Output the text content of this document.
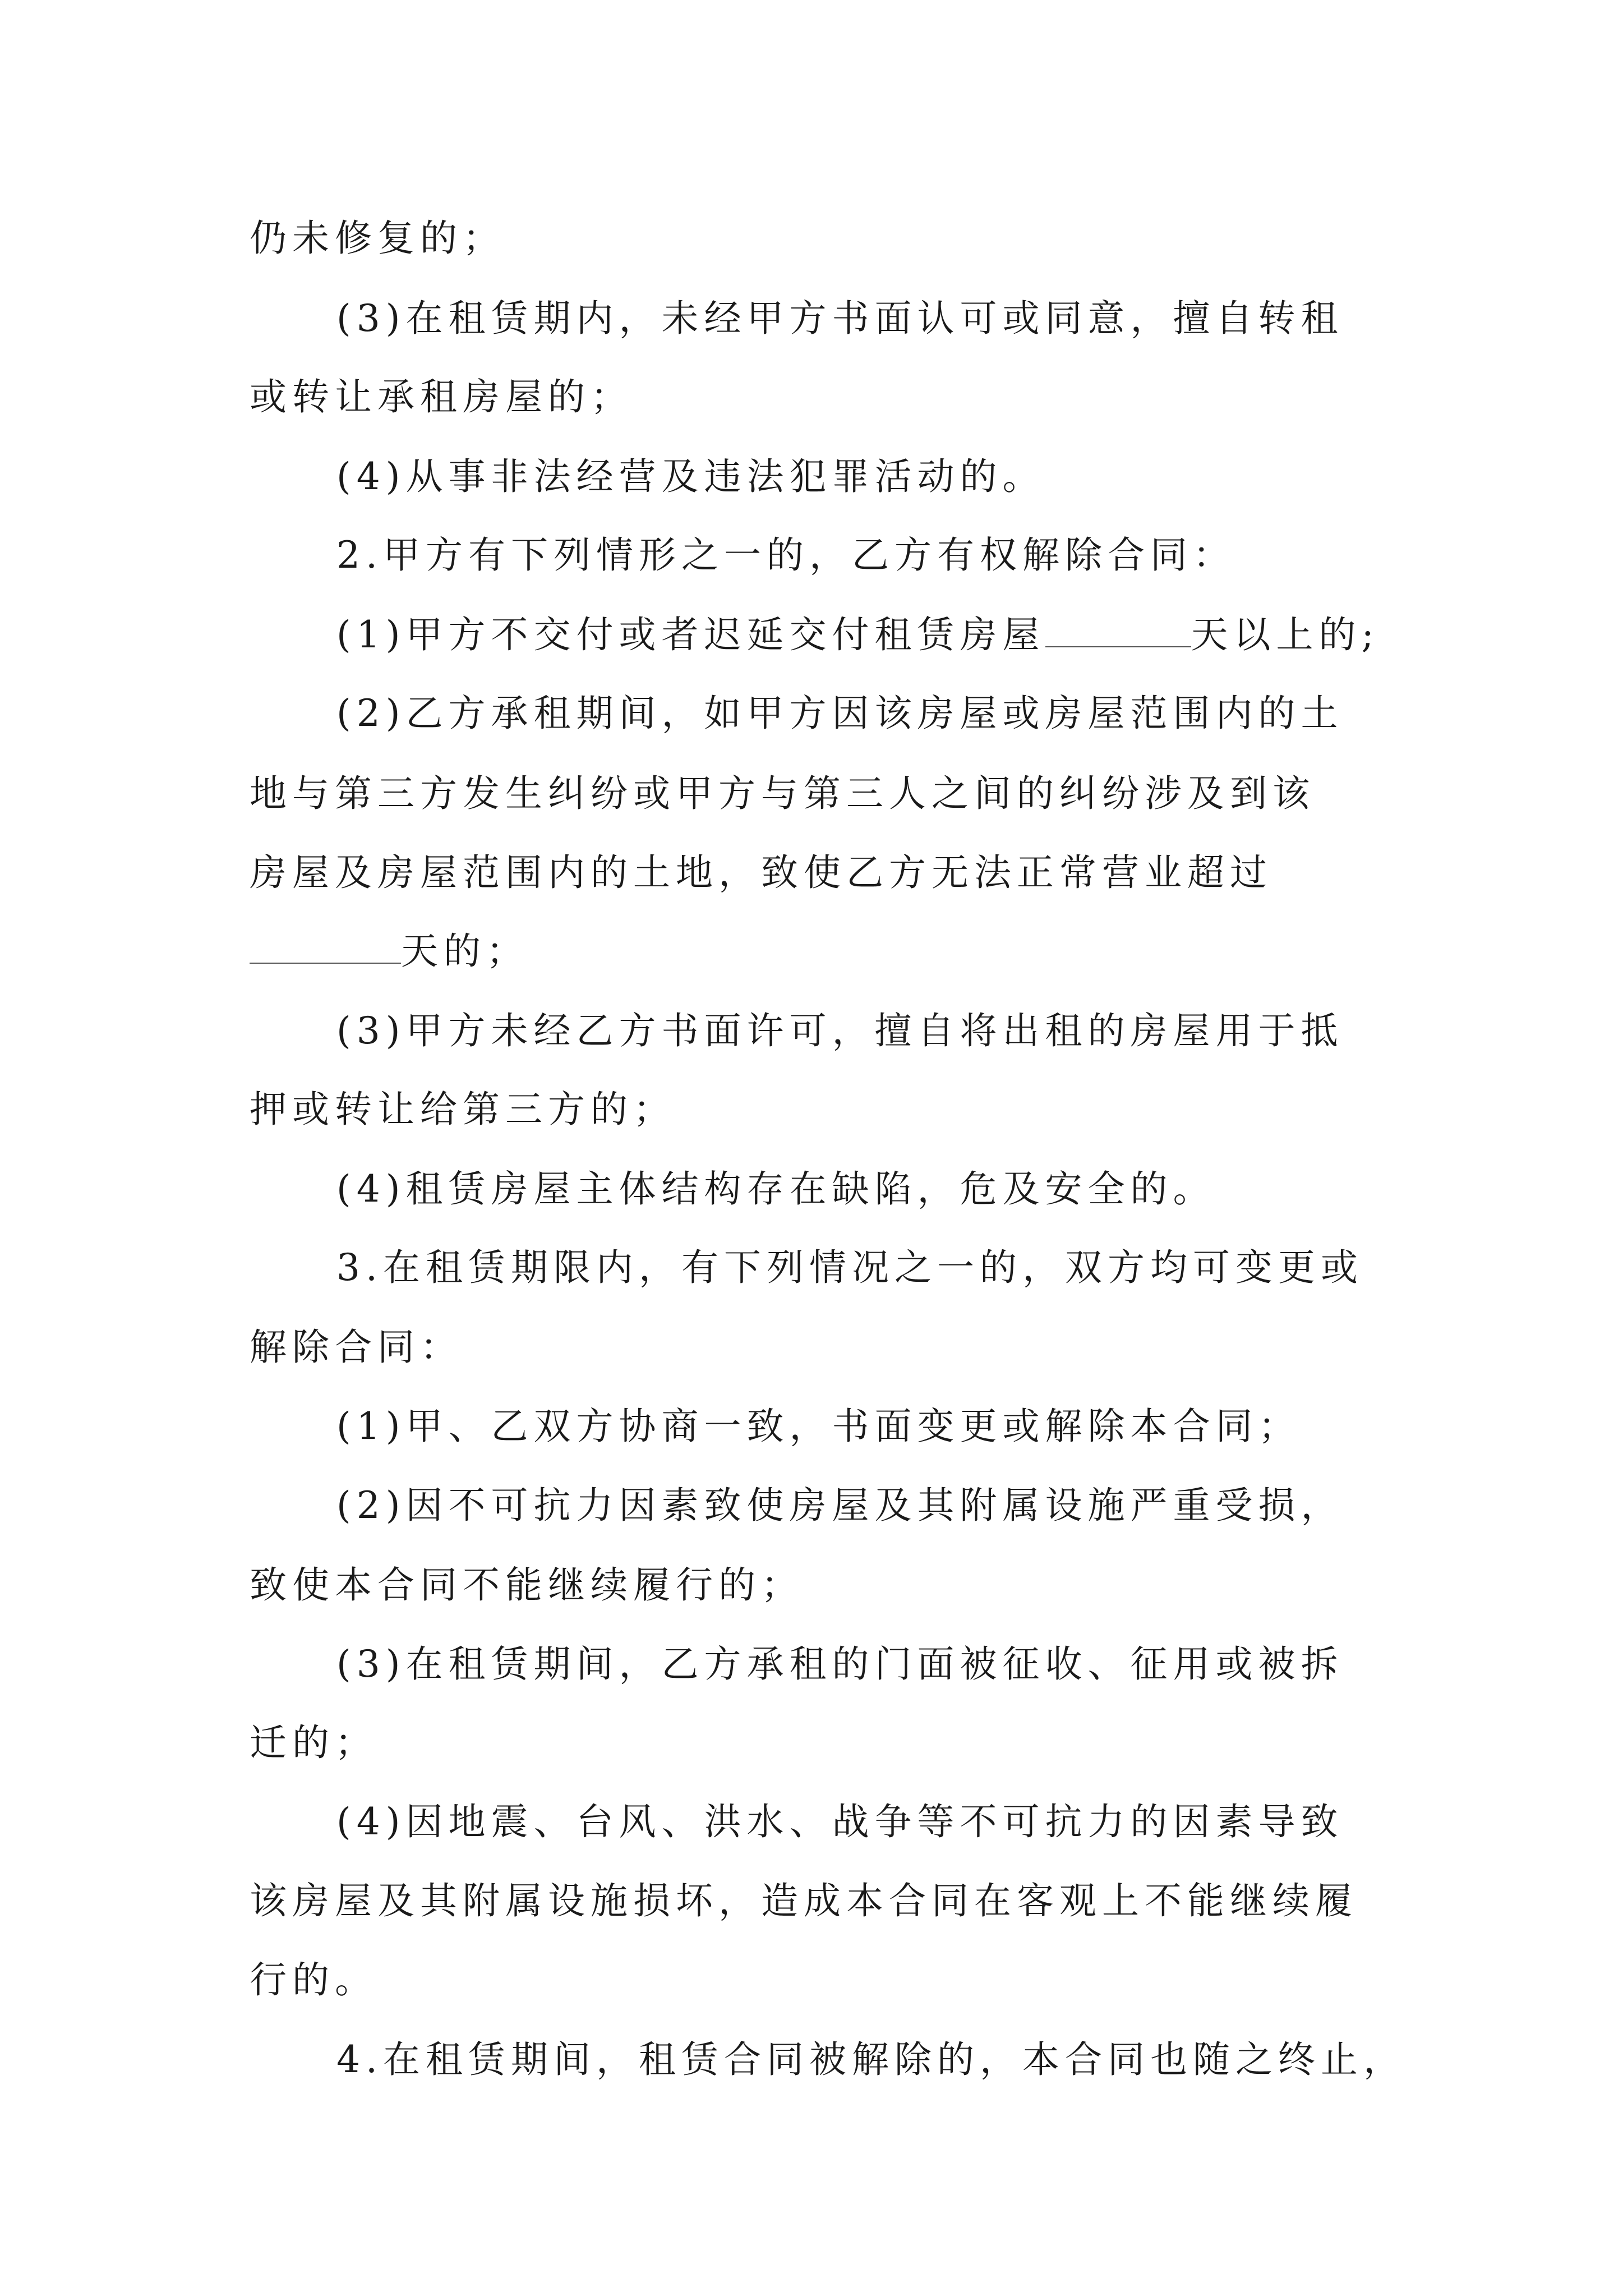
仍未修复的；
(3)在租赁期内，未经甲方书面认可或同意，擅自转租
或转让承租房屋的；
(4)从事非法经营及违法犯罪活动的。
2.甲方有下列情形之一的，乙方有权解除合同：
(1)甲方不交付或者迟延交付租赁房屋	天以上的;
(2)乙方承租期间，如甲方因该房屋或房屋范围内的土
地与第三方发生纠纷或甲方与第三人之间的纠纷涉及到该
房屋及房屋范围内的土地，致使乙方无法正常营业超过
天的；
(3)甲方未经乙方书面许可，擅自将出租的房屋用于抵
押或转让给第三方的；
(4)租赁房屋主体结构存在缺陷，危及安全的。
3.在租赁期限内，有下列情况之一的，双方均可变更或
解除合同：
(1)甲、乙双方协商一致，书面变更或解除本合同；
(2)因不可抗力因素致使房屋及其附属设施严重受损，
致使本合同不能继续履行的；
(3)在租赁期间，乙方承租的门面被征收、征用或被拆
迁的；
(4)因地震、台风、洪水、战争等不可抗力的因素导致
该房屋及其附属设施损坏，造成本合同在客观上不能继续履
行的。
4.在租赁期间，租赁合同被解除的，本合同也随之终止，
